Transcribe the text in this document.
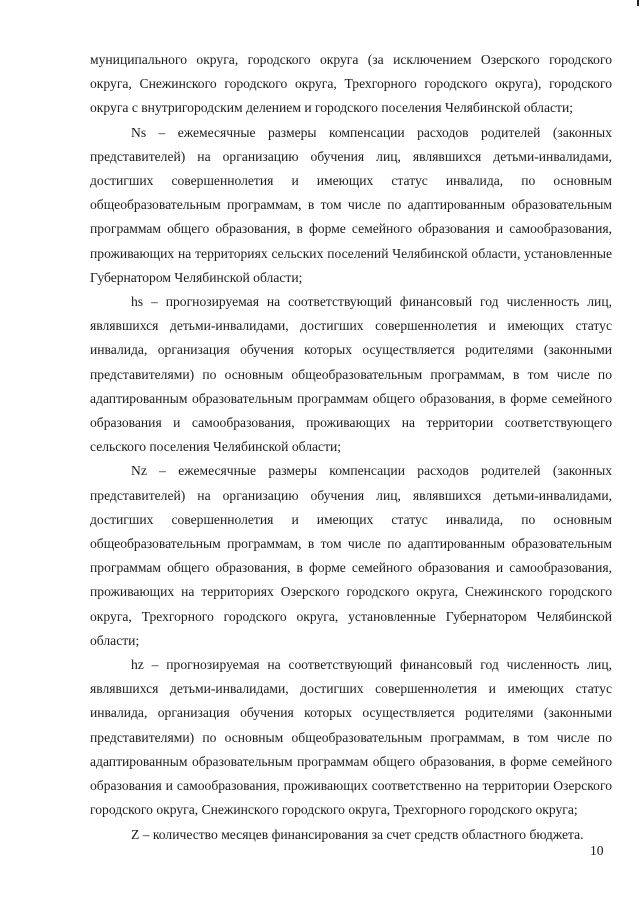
муниципального округа, городского округа (за исключением Озерского городского округа, Снежинского городского округа, Трехгорного городского округа), городского округа с внутригородским делением и городского поселения Челябинской области;

Ns – ежемесячные размеры компенсации расходов родителей (законных представителей) на организацию обучения лиц, являвшихся детьми-инвалидами, достигших совершеннолетия и имеющих статус инвалида, по основным общеобразовательным программам, в том числе по адаптированным образовательным программам общего образования, в форме семейного образования и самообразования, проживающих на территориях сельских поселений Челябинской области, установленные Губернатором Челябинской области;

hs – прогнозируемая на соответствующий финансовый год численность лиц, являвшихся детьми-инвалидами, достигших совершеннолетия и имеющих статус инвалида, организация обучения которых осуществляется родителями (законными представителями) по основным общеобразовательным программам, в том числе по адаптированным образовательным программам общего образования, в форме семейного образования и самообразования, проживающих на территории соответствующего сельского поселения Челябинской области;

Nz – ежемесячные размеры компенсации расходов родителей (законных представителей) на организацию обучения лиц, являвшихся детьми-инвалидами, достигших совершеннолетия и имеющих статус инвалида, по основным общеобразовательным программам, в том числе по адаптированным образовательным программам общего образования, в форме семейного образования и самообразования, проживающих на территориях Озерского городского округа, Снежинского городского округа, Трехгорного городского округа, установленные Губернатором Челябинской области;

hz – прогнозируемая на соответствующий финансовый год численность лиц, являвшихся детьми-инвалидами, достигших совершеннолетия и имеющих статус инвалида, организация обучения которых осуществляется родителями (законными представителями) по основным общеобразовательным программам, в том числе по адаптированным образовательным программам общего образования, в форме семейного образования и самообразования, проживающих соответственно на территории Озерского городского округа, Снежинского городского округа, Трехгорного городского округа;

Z – количество месяцев финансирования за счет средств областного бюджета.

10
